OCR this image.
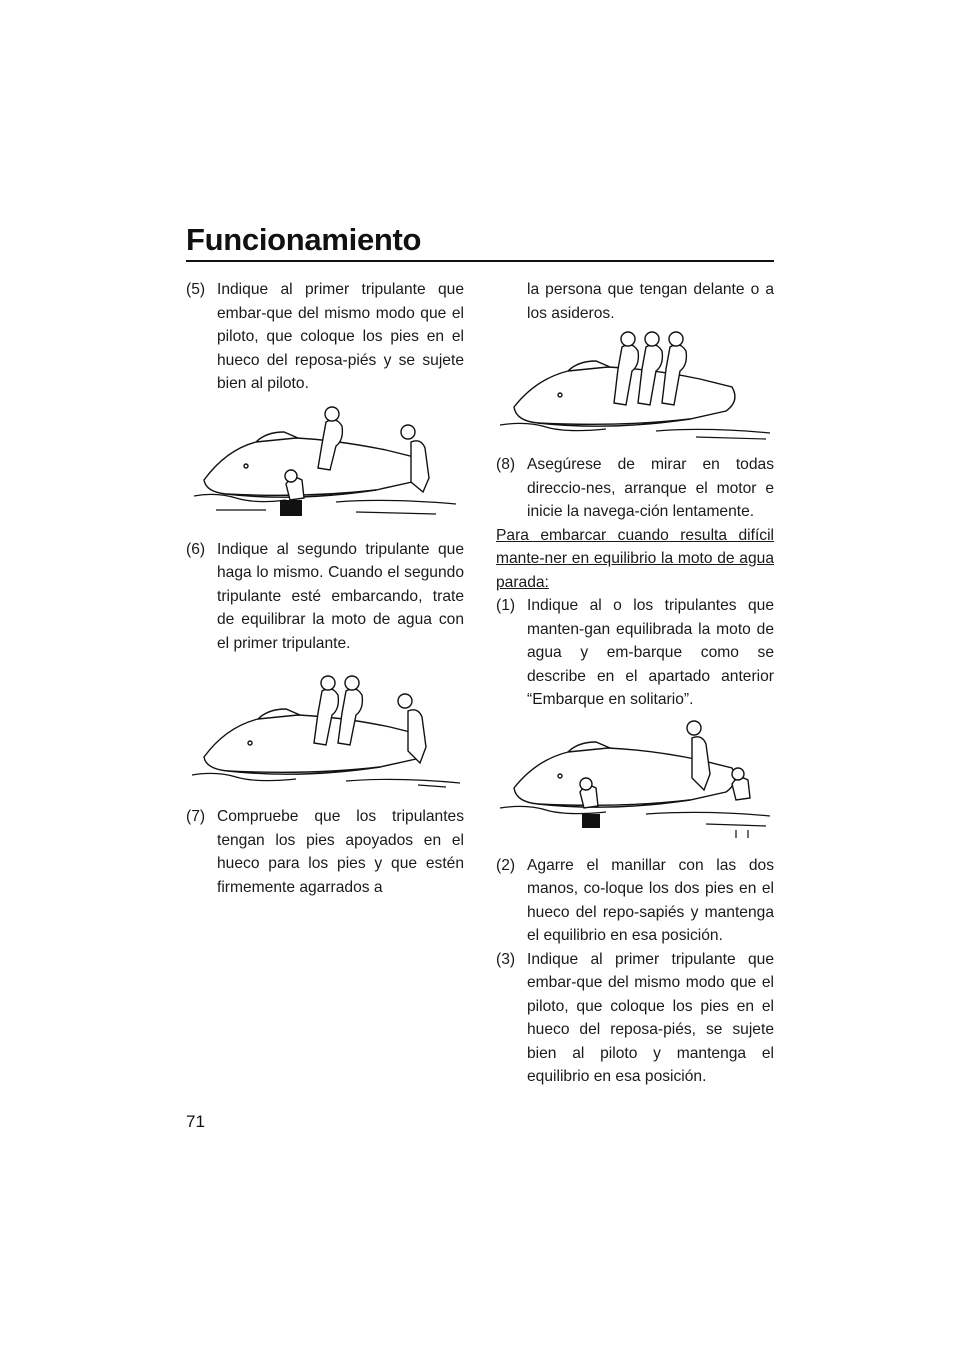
Funcionamiento

(5) Indique al primer tripulante que embar-que del mismo modo que el piloto, que coloque los pies en el hueco del reposa-piés y se sujete bien al piloto.

(6) Indique al segundo tripulante que haga lo mismo. Cuando el segundo tripulante esté embarcando, trate de equilibrar la moto de agua con el primer tripulante.

(7) Compruebe que los tripulantes tengan los pies apoyados en el hueco para los pies y que estén firmemente agarrados a

la persona que tengan delante o a los asideros.

(8) Asegúrese de mirar en todas direccio-nes, arranque el motor e inicie la navega-ción lentamente.

Para embarcar cuando resulta difícil mante-ner en equilibrio la moto de agua parada:

(1) Indique al o los tripulantes que manten-gan equilibrada la moto de agua y em-barque como se describe en el apartado anterior “Embarque en solitario”.

(2) Agarre el manillar con las dos manos, co-loque los dos pies en el hueco del repo-sapiés y mantenga el equilibrio en esa posición.

(3) Indique al primer tripulante que embar-que del mismo modo que el piloto, que coloque los pies en el hueco del reposa-piés, se sujete bien al piloto y mantenga el equilibrio en esa posición.

71
